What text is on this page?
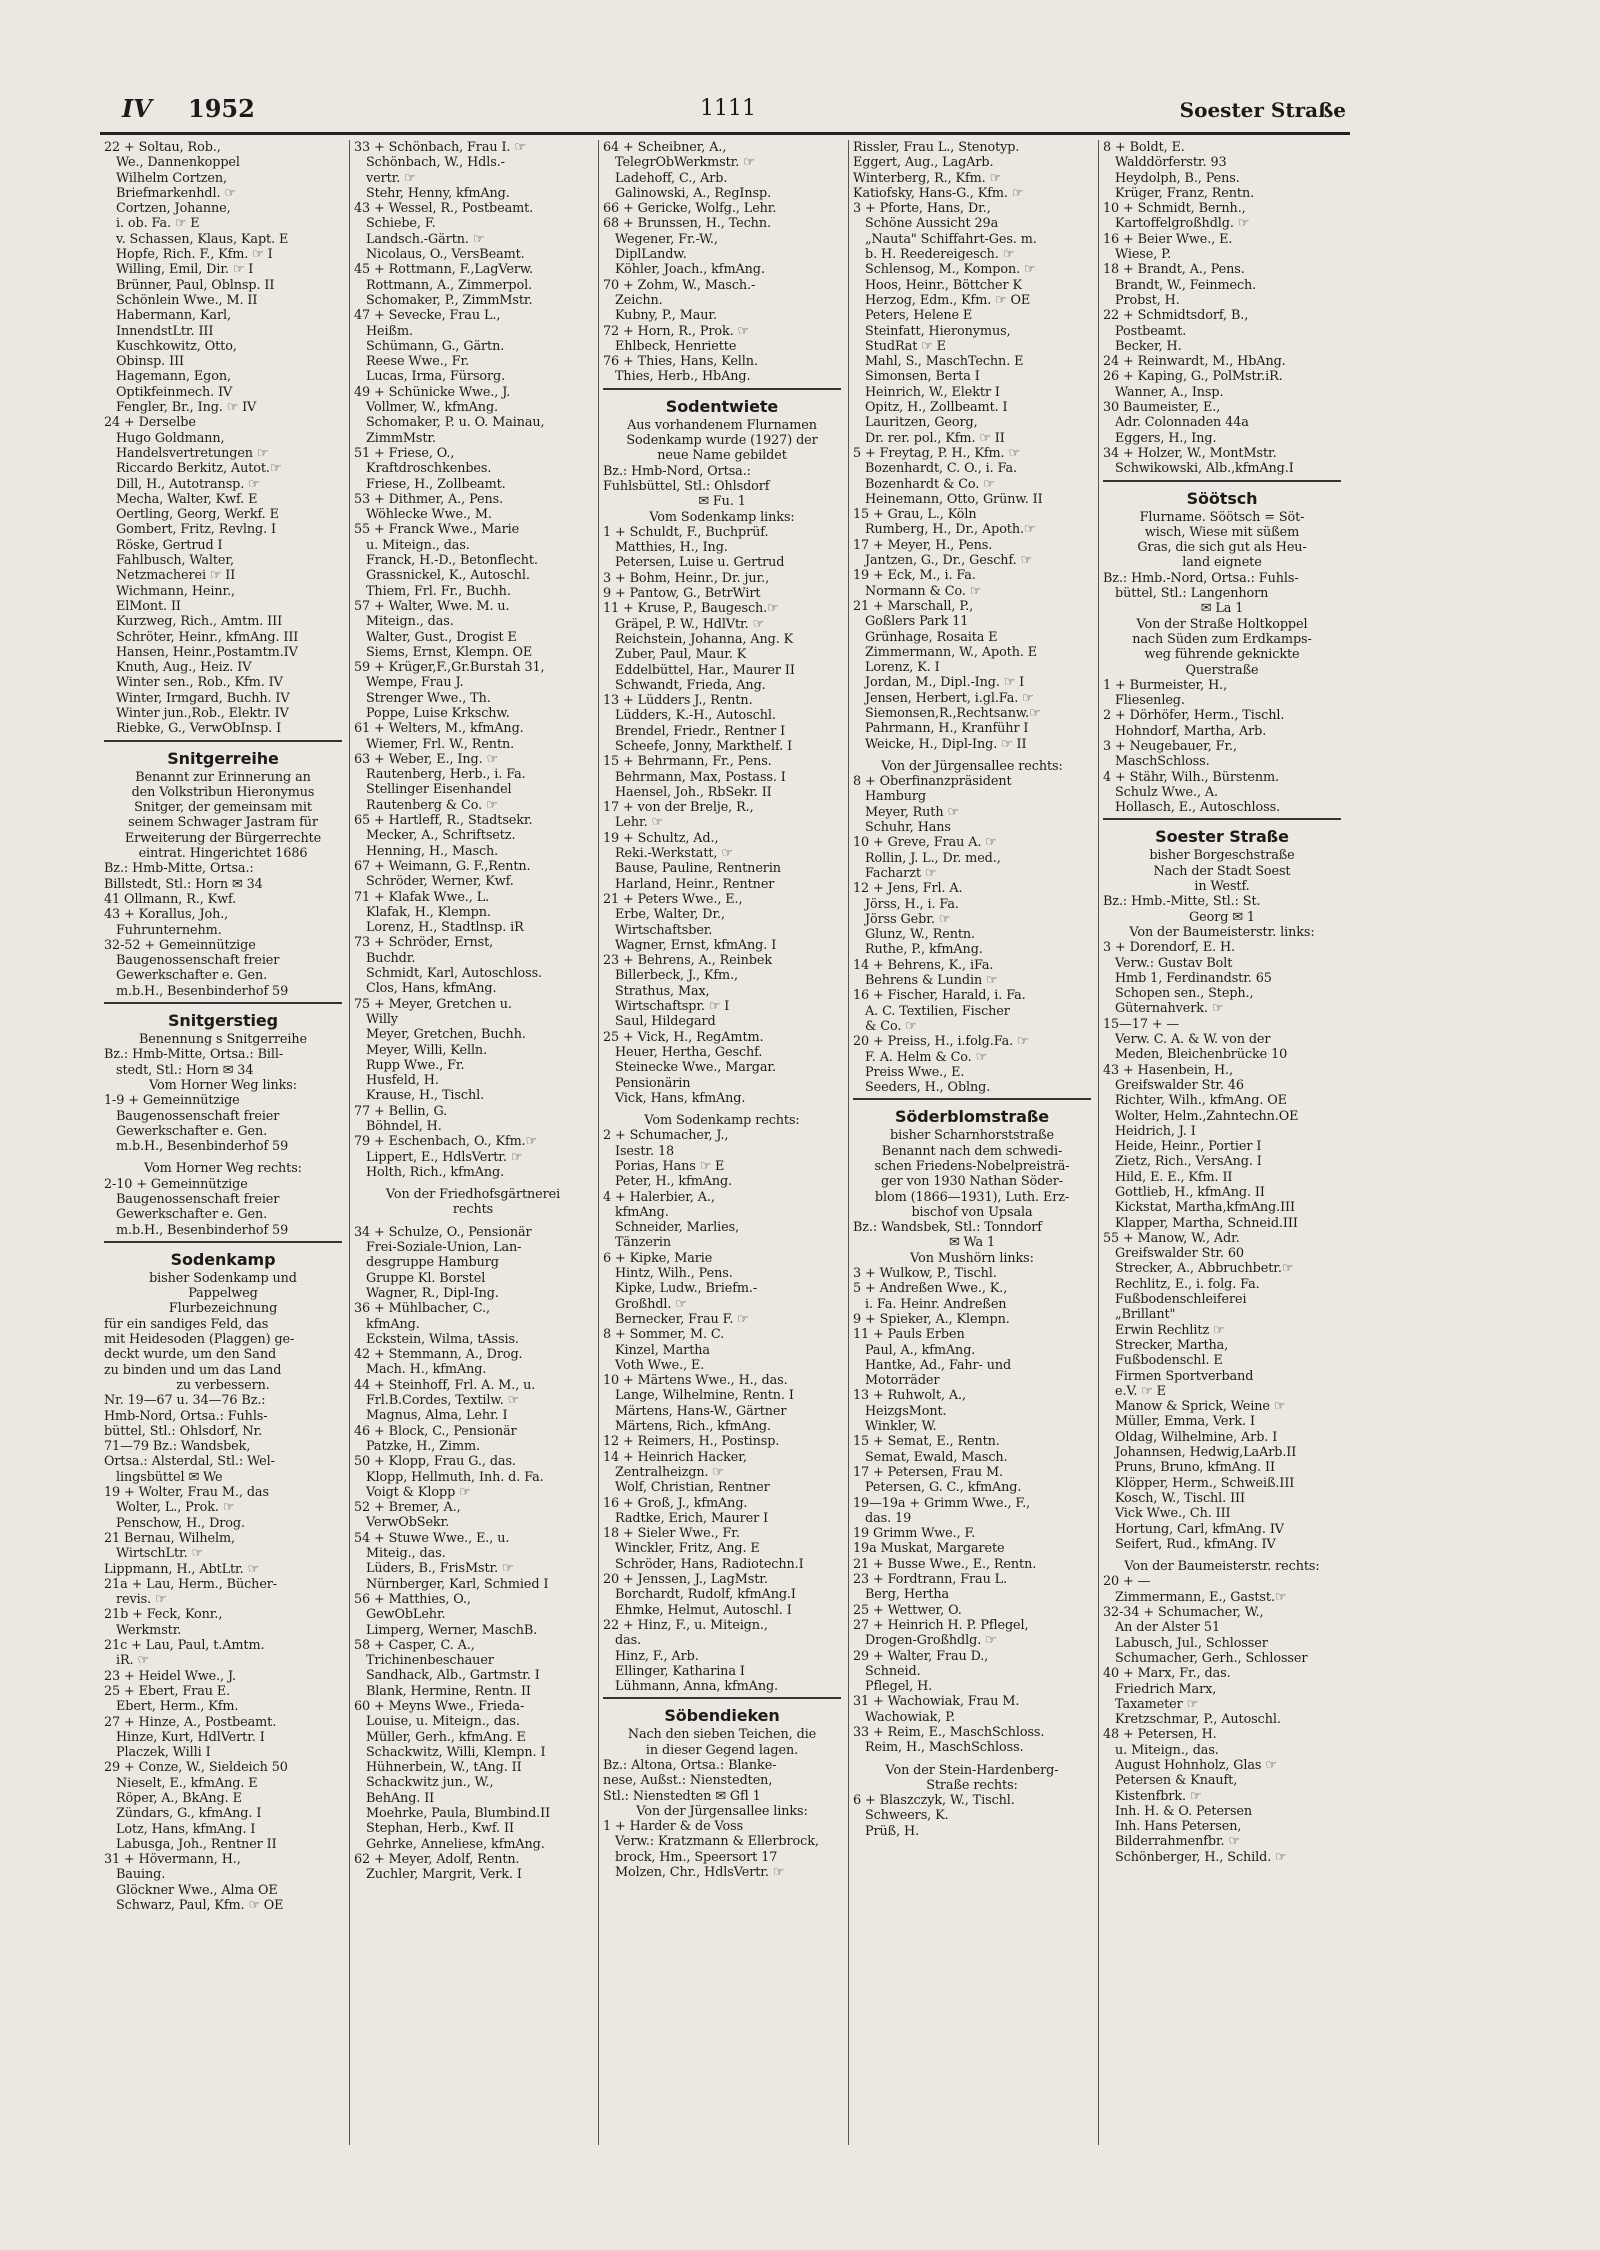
IV 1952	1111	Soester Straße
22 + Soltau, Rob.,
We., Dannenkoppel
Wilhelm Cortzen,
Briefmarkenhdl. ☞
Cortzen, Johanne,
i. ob. Fa. ☞ E
v. Schassen, Klaus, Kapt. E
Hopfe, Rich. F., Kfm. ☞ I
Willing, Emil, Dir. ☞ I
Brünner, Paul, Oblnsp. II
Schönlein Wwe., M. II
Habermann, Karl,
InnendstLtr. III
Kuschkowitz, Otto,
Obinsp. III
Hagemann, Egon,
Optikfeinmech. IV
Fengler, Br., Ing. ☞ IV
24 + Derselbe
Hugo Goldmann,
Handelsvertretungen ☞
Riccardo Berkitz, Autot.☞
Dill, H., Autotransp. ☞
Mecha, Walter, Kwf. E
Oertling, Georg, Werkf. E
Gombert, Fritz, Revlng. I
Röske, Gertrud I
Fahlbusch, Walter,
Netzmacherei ☞ II
Wichmann, Heinr.,
ElMont. II
Kurzweg, Rich., Amtm. III
Schröter, Heinr., kfmAng. III
Hansen, Heinr.,Postamtm.IV
Knuth, Aug., Heiz. IV
Winter sen., Rob., Kfm. IV
Winter, Irmgard, Buchh. IV
Winter jun.,Rob., Elektr. IV
Riebke, G., VerwObInsp. I
Snitgerreihe
Benannt zur Erinnerung an
den Volkstribun Hieronymus
Snitger, der gemeinsam mit
seinem Schwager Jastram für
Erweiterung der Bürgerrechte
eintrat. Hingerichtet 1686
Bz.: Hmb-Mitte, Ortsa.:
Billstedt, Stl.: Horn ✉ 34
41 Ollmann, R., Kwf.
43 + Korallus, Joh.,
Fuhrunternehm.
32-52 + Gemeinnützige
Baugenossenschaft freier
Gewerkschafter e. Gen.
m.b.H., Besenbinderhof 59
Snitgerstieg
Benennung s Snitgerreihe
Bz.: Hmb-Mitte, Ortsa.: Bill-
stedt, Stl.: Horn ✉ 34
Vom Horner Weg links:
1-9 + Gemeinnützige
Baugenossenschaft freier
Gewerkschafter e. Gen.
m.b.H., Besenbinderhof 59
Vom Horner Weg rechts:
2-10 + Gemeinnützige
Baugenossenschaft freier
Gewerkschafter e. Gen.
m.b.H., Besenbinderhof 59
Sodenkamp
bisher Sodenkamp und
Pappelweg
Flurbezeichnung
für ein sandiges Feld, das
mit Heidesoden (Plaggen) ge-
deckt wurde, um den Sand
zu binden und um das Land
zu verbessern.
Nr. 19—67 u. 34—76 Bz.:
Hmb-Nord, Ortsa.: Fuhls-
büttel, Stl.: Ohlsdorf, Nr.
71—79 Bz.: Wandsbek,
Ortsa.: Alsterdal, Stl.: Wel-
lingsbüttel ✉ We
19 + Wolter, Frau M., das
Wolter, L., Prok. ☞
Penschow, H., Drog.
21 Bernau, Wilhelm,
WirtschLtr. ☞
Lippmann, H., AbtLtr. ☞
21a + Lau, Herm., Bücher-
revis. ☞
21b + Feck, Konr.,
Werkmstr.
21c + Lau, Paul, t.Amtm.
iR. ☞
23 + Heidel Wwe., J.
25 + Ebert, Frau E.
Ebert, Herm., Kfm.
27 + Hinze, A., Postbeamt.
Hinze, Kurt, HdlVertr. I
Placzek, Willi I
29 + Conze, W., Sieldeich 50
Nieselt, E., kfmAng. E
Röper, A., BkAng. E
Zündars, G., kfmAng. I
Lotz, Hans, kfmAng. I
Labusga, Joh., Rentner II
31 + Hövermann, H.,
Bauing.
Glöckner Wwe., Alma OE
Schwarz, Paul, Kfm. ☞ OE
33 + Schönbach, Frau I. ☞
Schönbach, W., Hdls.-
vertr. ☞
Stehr, Henny, kfmAng.
43 + Wessel, R., Postbeamt.
Schiebe, F.
Landsch.-Gärtn. ☞
Nicolaus, O., VersBeamt.
45 + Rottmann, F.,LagVerw.
Rottmann, A., Zimmerpol.
Schomaker, P., ZimmMstr.
47 + Sevecke, Frau L.,
Heißm.
Schümann, G., Gärtn.
Reese Wwe., Fr.
Lucas, Irma, Fürsorg.
49 + Schünicke Wwe., J.
Vollmer, W., kfmAng.
Schomaker, P. u. O. Mainau,
ZimmMstr.
51 + Friese, O.,
Kraftdroschkenbes.
Friese, H., Zollbeamt.
53 + Dithmer, A., Pens.
Wöhlecke Wwe., M.
55 + Franck Wwe., Marie
u. Miteign., das.
Franck, H.-D., Betonflecht.
Grassnickel, K., Autoschl.
Thiem, Frl. Fr., Buchh.
57 + Walter, Wwe. M. u.
Miteign., das.
Walter, Gust., Drogist E
Siems, Ernst, Klempn. OE
59 + Krüger,F.,Gr.Burstah 31,
Wempe, Frau J.
Strenger Wwe., Th.
Poppe, Luise Krkschw.
61 + Welters, M., kfmAng.
Wiemer, Frl. W., Rentn.
63 + Weber, E., Ing. ☞
Rautenberg, Herb., i. Fa.
Stellinger Eisenhandel
Rautenberg & Co. ☞
65 + Hartleff, R., Stadtsekr.
Mecker, A., Schriftsetz.
Henning, H., Masch.
67 + Weimann, G. F.,Rentn.
Schröder, Werner, Kwf.
71 + Klafak Wwe., L.
Klafak, H., Klempn.
Lorenz, H., Stadtlnsp. iR
73 + Schröder, Ernst,
Buchdr.
Schmidt, Karl, Autoschloss.
Clos, Hans, kfmAng.
75 + Meyer, Gretchen u.
Willy
Meyer, Gretchen, Buchh.
Meyer, Willi, Kelln.
Rupp Wwe., Fr.
Husfeld, H.
Krause, H., Tischl.
77 + Bellin, G.
Böhndel, H.
79 + Eschenbach, O., Kfm.☞
Lippert, E., HdlsVertr. ☞
Holth, Rich., kfmAng.
Von der Friedhofsgärtnerei
rechts
34 + Schulze, O., Pensionär
Frei-Soziale-Union, Lan-
desgruppe Hamburg
Gruppe Kl. Borstel
Wagner, R., Dipl-Ing.
36 + Mühlbacher, C.,
kfmAng.
Eckstein, Wilma, tAssis.
42 + Stemmann, A., Drog.
Mach. H., kfmAng.
44 + Steinhoff, Frl. A. M., u.
Frl.B.Cordes, Textilw. ☞
Magnus, Alma, Lehr. I
46 + Block, C., Pensionär
Patzke, H., Zimm.
50 + Klopp, Frau G., das.
Klopp, Hellmuth, Inh. d. Fa.
Voigt & Klopp ☞
52 + Bremer, A.,
VerwObSekr.
54 + Stuwe Wwe., E., u.
Miteig., das.
Lüders, B., FrisMstr. ☞
Nürnberger, Karl, Schmied I
56 + Matthies, O.,
GewObLehr.
Limperg, Werner, MaschB.
58 + Casper, C. A.,
Trichinenbeschauer
Sandhack, Alb., Gartmstr. I
Blank, Hermine, Rentn. II
60 + Meyns Wwe., Frieda-
Louise, u. Miteign., das.
Müller, Gerh., kfmAng. E
Schackwitz, Willi, Klempn. I
Hühnerbein, W., tAng. II
Schackwitz jun., W.,
BehAng. II
Moehrke, Paula, Blumbind.II
Stephan, Herb., Kwf. II
Gehrke, Anneliese, kfmAng.
62 + Meyer, Adolf, Rentn.
Zuchler, Margrit, Verk. I
64 + Scheibner, A.,
TelegrObWerkmstr. ☞
Ladehoff, C., Arb.
Galinowski, A., RegInsp.
66 + Gericke, Wolfg., Lehr.
68 + Brunssen, H., Techn.
Wegener, Fr.-W.,
DiplLandw.
Köhler, Joach., kfmAng.
70 + Zohm, W., Masch.-
Zeichn.
Kubny, P., Maur.
72 + Horn, R., Prok. ☞
Ehlbeck, Henriette
76 + Thies, Hans, Kelln.
Thies, Herb., HbAng.
Sodentwiete
Aus vorhandenem Flurnamen
Sodenkamp wurde (1927) der
neue Name gebildet
Bz.: Hmb-Nord, Ortsa.:
Fuhlsbüttel, Stl.: Ohlsdorf
✉ Fu. 1
Vom Sodenkamp links:
1 + Schuldt, F., Buchprüf.
Matthies, H., Ing.
Petersen, Luise u. Gertrud
3 + Bohm, Heinr., Dr. jur.,
9 + Pantow, G., BetrWirt
11 + Kruse, P., Baugesch.☞
Gräpel, P. W., HdlVtr. ☞
Reichstein, Johanna, Ang. K
Zuber, Paul, Maur. K
Eddelbüttel, Har., Maurer II
Schwandt, Frieda, Ang.
13 + Lüdders J., Rentn.
Lüdders, K.-H., Autoschl.
Brendel, Friedr., Rentner I
Scheefe, Jonny, Markthelf. I
15 + Behrmann, Fr., Pens.
Behrmann, Max, Postass. I
Haensel, Joh., RbSekr. II
17 + von der Brelje, R.,
Lehr. ☞
19 + Schultz, Ad.,
Reki.-Werkstatt, ☞
Bause, Pauline, Rentnerin
Harland, Heinr., Rentner
21 + Peters Wwe., E.,
Erbe, Walter, Dr.,
Wirtschaftsber.
Wagner, Ernst, kfmAng. I
23 + Behrens, A., Reinbek
Billerbeck, J., Kfm.,
Strathus, Max,
Wirtschaftspr. ☞ I
Saul, Hildegard
25 + Vick, H., RegAmtm.
Heuer, Hertha, Geschf.
Steinecke Wwe., Margar.
Pensionärin
Vick, Hans, kfmAng.
Vom Sodenkamp rechts:
2 + Schumacher, J.,
Isestr. 18
Porias, Hans ☞ E
Peter, H., kfmAng.
4 + Halerbier, A.,
kfmAng.
Schneider, Marlies,
Tänzerin
6 + Kipke, Marie
Hintz, Wilh., Pens.
Kipke, Ludw., Briefm.-
Großhdl. ☞
Bernecker, Frau F. ☞
8 + Sommer, M. C.
Kinzel, Martha
Voth Wwe., E.
10 + Märtens Wwe., H., das.
Lange, Wilhelmine, Rentn. I
Märtens, Hans-W., Gärtner
Märtens, Rich., kfmAng.
12 + Reimers, H., Postinsp.
14 + Heinrich Hacker,
Zentralheizgn. ☞
Wolf, Christian, Rentner
16 + Groß, J., kfmAng.
Radtke, Erich, Maurer I
18 + Sieler Wwe., Fr.
Winckler, Fritz, Ang. E
Schröder, Hans, Radiotechn.I
20 + Jenssen, J., LagMstr.
Borchardt, Rudolf, kfmAng.I
Ehmke, Helmut, Autoschl. I
22 + Hinz, F., u. Miteign.,
das.
Hinz, F., Arb.
Ellinger, Katharina I
Lühmann, Anna, kfmAng.
Söbendieken
Nach den sieben Teichen, die
in dieser Gegend lagen.
Bz.: Altona, Ortsa.: Blanke-
nese, Außst.: Nienstedten,
Stl.: Nienstedten ✉ Gfl 1
Von der Jürgensallee links:
1 + Harder & de Voss
Verw.: Kratzmann & Ellerbrock,
brock, Hm., Speersort 17
Molzen, Chr., HdlsVertr. ☞
Rissler, Frau L., Stenotyp.
Eggert, Aug., LagArb.
Winterberg, R., Kfm. ☞
Katiofsky, Hans-G., Kfm. ☞
3 + Pforte, Hans, Dr.,
Schöne Aussicht 29a
„Nauta" Schiffahrt-Ges. m.
b. H. Reedereigesch. ☞
Schlensog, M., Kompon. ☞
Hoos, Heinr., Böttcher K
Herzog, Edm., Kfm. ☞ OE
Peters, Helene E
Steinfatt, Hieronymus,
StudRat ☞ E
Mahl, S., MaschTechn. E
Simonsen, Berta I
Heinrich, W., Elektr I
Opitz, H., Zollbeamt. I
Lauritzen, Georg,
Dr. rer. pol., Kfm. ☞ II
5 + Freytag, P. H., Kfm. ☞
Bozenhardt, C. O., i. Fa.
Bozenhardt & Co. ☞
Heinemann, Otto, Grünw. II
15 + Grau, L., Köln
Rumberg, H., Dr., Apoth.☞
17 + Meyer, H., Pens.
Jantzen, G., Dr., Geschf. ☞
19 + Eck, M., i. Fa.
Normann & Co. ☞
21 + Marschall, P.,
Goßlers Park 11
Grünhage, Rosaita E
Zimmermann, W., Apoth. E
Lorenz, K. I
Jordan, M., Dipl.-Ing. ☞ I
Jensen, Herbert, i.gl.Fa. ☞
Siemonsen,R.,Rechtsanw.☞
Pahrmann, H., Kranführ I
Weicke, H., Dipl-Ing. ☞ II
Von der Jürgensallee rechts:
8 + Oberfinanzpräsident
Hamburg
Meyer, Ruth ☞
Schuhr, Hans
10 + Greve, Frau A. ☞
Rollin, J. L., Dr. med.,
Facharzt ☞
12 + Jens, Frl. A.
Jörss, H., i. Fa.
Jörss Gebr. ☞
Glunz, W., Rentn.
Ruthe, P., kfmAng.
14 + Behrens, K., iFa.
Behrens & Lundin ☞
16 + Fischer, Harald, i. Fa.
A. C. Textilien, Fischer
& Co. ☞
20 + Preiss, H., i.folg.Fa. ☞
F. A. Helm & Co. ☞
Preiss Wwe., E.
Seeders, H., Oblng.
Söderblomstraße
bisher Scharnhorststraße
Benannt nach dem schwedi-
schen Friedens-Nobelpreisträ-
ger von 1930 Nathan Söder-
blom (1866—1931), Luth. Erz-
bischof von Upsala
Bz.: Wandsbek, Stl.: Tonndorf
✉ Wa 1
Von Mushörn links:
3 + Wulkow, P., Tischl.
5 + Andreßen Wwe., K.,
i. Fa. Heinr. Andreßen
9 + Spieker, A., Klempn.
11 + Pauls Erben
Paul, A., kfmAng.
Hantke, Ad., Fahr- und
Motorräder
13 + Ruhwolt, A.,
HeizgsMont.
Winkler, W.
15 + Semat, E., Rentn.
Semat, Ewald, Masch.
17 + Petersen, Frau M.
Petersen, G. C., kfmAng.
19—19a + Grimm Wwe., F.,
das. 19
19 Grimm Wwe., F.
19a Muskat, Margarete
21 + Busse Wwe., E., Rentn.
23 + Fordtrann, Frau L.
Berg, Hertha
25 + Wettwer, O.
27 + Heinrich H. P. Pflegel,
Drogen-Großhdlg. ☞
29 + Walter, Frau D.,
Schneid.
Pflegel, H.
31 + Wachowiak, Frau M.
Wachowiak, P.
33 + Reim, E., MaschSchloss.
Reim, H., MaschSchloss.
Von der Stein-Hardenberg-
Straße rechts:
6 + Blaszczyk, W., Tischl.
Schweers, K.
Prüß, H.
8 + Boldt, E.
Walddörferstr. 93
Heydolph, B., Pens.
Krüger, Franz, Rentn.
10 + Schmidt, Bernh.,
Kartoffelgroßhdlg. ☞
16 + Beier Wwe., E.
Wiese, P.
18 + Brandt, A., Pens.
Brandt, W., Feinmech.
Probst, H.
22 + Schmidtsdorf, B.,
Postbeamt.
Becker, H.
24 + Reinwardt, M., HbAng.
26 + Kaping, G., PolMstr.iR.
Wanner, A., Insp.
30 Baumeister, E.,
Adr. Colonnaden 44a
Eggers, H., Ing.
34 + Holzer, W., MontMstr.
Schwikowski, Alb.,kfmAng.I
Söötsch
Flurname. Söötsch = Söt-
wisch, Wiese mit süßem
Gras, die sich gut als Heu-
land eignete
Bz.: Hmb.-Nord, Ortsa.: Fuhls-
büttel, Stl.: Langenhorn
✉ La 1
Von der Straße Holtkoppel
nach Süden zum Erdkamps-
weg führende geknickte
Querstraße
1 + Burmeister, H.,
Fliesenleg.
2 + Dörhöfer, Herm., Tischl.
Hohndorf, Martha, Arb.
3 + Neugebauer, Fr.,
MaschSchloss.
4 + Stähr, Wilh., Bürstenm.
Schulz Wwe., A.
Hollasch, E., Autoschloss.
Soester Straße
bisher Borgeschstraße
Nach der Stadt Soest
in Westf.
Bz.: Hmb.-Mitte, Stl.: St.
Georg ✉ 1
Von der Baumeisterstr. links:
3 + Dorendorf, E. H.
Verw.: Gustav Bolt
Hmb 1, Ferdinandstr. 65
Schopen sen., Steph.,
Güternahverk. ☞
15—17 + —
Verw. C. A. & W. von der
Meden, Bleichenbrücke 10
43 + Hasenbein, H.,
Greifswalder Str. 46
Richter, Wilh., kfmAng. OE
Wolter, Helm.,Zahntechn.OE
Heidrich, J. I
Heide, Heinr., Portier I
Zietz, Rich., VersAng. I
Hild, E. E., Kfm. II
Gottlieb, H., kfmAng. II
Kickstat, Martha,kfmAng.III
Klapper, Martha, Schneid.III
55 + Manow, W., Adr.
Greifswalder Str. 60
Strecker, A., Abbruchbetr.☞
Rechlitz, E., i. folg. Fa.
Fußbodenschleiferei
„Brillant"
Erwin Rechlitz ☞
Strecker, Martha,
Fußbodenschl. E
Firmen Sportverband
e.V. ☞ E
Manow & Sprick, Weine ☞
Müller, Emma, Verk. I
Oldag, Wilhelmine, Arb. I
Johannsen, Hedwig,LaArb.II
Pruns, Bruno, kfmAng. II
Klöpper, Herm., Schweiß.III
Kosch, W., Tischl. III
Vick Wwe., Ch. III
Hortung, Carl, kfmAng. IV
Seifert, Rud., kfmAng. IV
Von der Baumeisterstr. rechts:
20 + —
Zimmermann, E., Gastst.☞
32-34 + Schumacher, W.,
An der Alster 51
Labusch, Jul., Schlosser
Schumacher, Gerh., Schlosser
40 + Marx, Fr., das.
Friedrich Marx,
Taxameter ☞
Kretzschmar, P., Autoschl.
48 + Petersen, H.
u. Miteign., das.
August Hohnholz, Glas ☞
Petersen & Knauft,
Kistenfbrk. ☞
Inh. H. & O. Petersen
Inh. Hans Petersen,
Bilderrahmenfbr. ☞
Schönberger, H., Schild. ☞
